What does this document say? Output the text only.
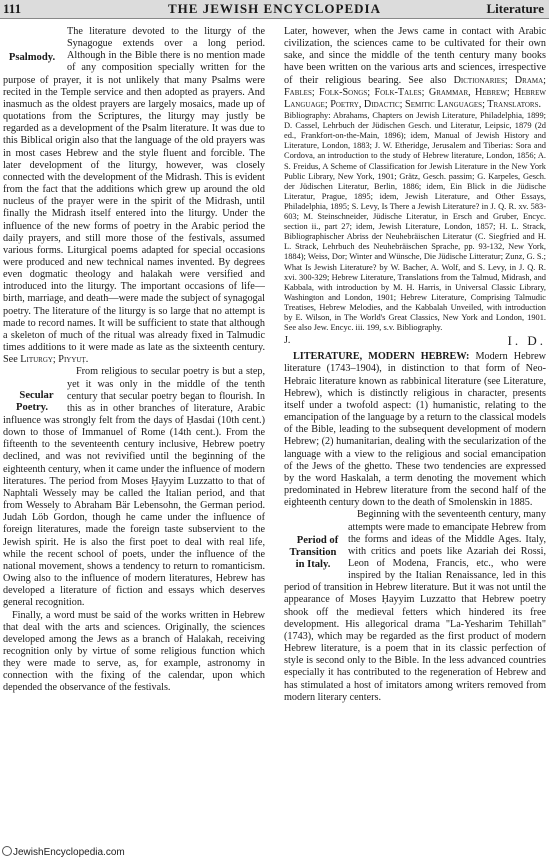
111	THE JEWISH ENCYCLOPEDIA	Literature

Psalmody.
The literature devoted to the liturgy of the Synagogue extends over a long period. Although in the Bible there is no mention made of any composition specially written for the purpose of prayer, it is not unlikely that many Psalms were recited in the Temple service and then adopted as prayers. And inasmuch as the oldest prayers are largely mosaics, made up of quotations from the Scriptures, the liturgy may justly be regarded as a development of the Psalm literature. It was due to this Biblical origin also that the language of the old prayers was in most cases Hebrew and the style fluent and forcible. The later development of the liturgy, however, was closely connected with the development of the Midrash. This is evident from the fact that the additions which grew up around the old nucleus of the prayer were in the spirit of the Midrash, until finally the Midrash itself entered into the liturgy. Under the influence of the new forms of poetry in the Arabic period the daily prayers, and still more those of the festivals, assumed various forms. Liturgical poems adapted for special occasions were produced and new technical names invented. By degrees even dogmatic theology and halakah were versified and introduced into the liturgy. The important occasions of life—birth, marriage, and death—were made the subject of synagogal poetry. The literature of the liturgy is so large that no attempt is made to record names. It will be sufficient to state that although a skeleton of much of the ritual was already fixed in Talmudic times additions to it were made as late as the sixteenth century. See Liturgy; Piyyuṭ.

Secular Poetry.
From religious to secular poetry is but a step, yet it was only in the middle of the tenth century that secular poetry began to flourish. In this as in other branches of literature, Arabic influence was strongly felt from the days of Ḥasdai (10th cent.) down to those of Immanuel of Rome (14th cent.). From the fifteenth to the seventeenth century inclusive, Hebrew poetry declined, and was not revivified until the beginning of the eighteenth century, when it came under the influence of modern literatures. The period from Moses Ḥayyim Luzzatto to that of Naphtali Wessely may be called the Italian period, and that from Wessely to Abraham Bär Lebensohn, the German period. Judah Löb Gordon, though he came under the influence of foreign literatures, made the foreign taste subservient to the Jewish spirit. He is also the first poet to deal with real life, while the recent school of poets, under the influence of the national movement, shows a tendency to return to romanticism. Owing also to the influence of modern literatures, Hebrew has developed a literature of fiction and essays which deserves general recognition.

Finally, a word must be said of the works written in Hebrew that deal with the arts and sciences. Originally, the sciences developed among the Jews as a branch of Halakah, receiving recognition only by virtue of some religious function which they were made to serve, as, for example, astronomy in connection with the fixing of the calendar, upon which depended the observance of the festivals.

Later, however, when the Jews came in contact with Arabic civilization, the sciences came to be cultivated for their own sake, and since the middle of the tenth century many books have been written on the various arts and sciences, irrespective of their religious bearing. See also Dictionaries; Drama; Fables; Folk-Songs; Folk-Tales; Grammar, Hebrew; Hebrew Language; Poetry, Didactic; Semitic Languages; Translators.

Bibliography: Abrahams, Chapters on Jewish Literature, Philadelphia, 1899; D. Cassel, Lehrbuch der Jüdischen Gesch. und Literatur, Leipsic, 1879 (2d ed., Frankfort-on-the-Main, 1896); idem, Manual of Jewish History and Literature, London, 1883; J. W. Etheridge, Jerusalem and Tiberias: Sora and Cordova, an introduction to the study of Hebrew literature, London, 1856; A. S. Freidus, A Scheme of Classification for Jewish Literature in the New York Public Library, New York, 1901; Grätz, Gesch. passim; G. Karpeles, Gesch. der Jüdischen Literatur, Berlin, 1886; idem, Ein Blick in die Jüdische Literatur, Prague, 1895; idem, Jewish Literature, and Other Essays, Philadelphia, 1895; S. Levy, Is There a Jewish Literature? in J. Q. R. xv. 583-603; M. Steinschneider, Jüdische Literatur, in Ersch and Gruber, Encyc. section ii., part 27; idem, Jewish Literature, London, 1857; H. L. Strack, Bibliographischer Abriss der Neuhebräischen Literatur (C. Siegfried and H. L. Strack, Lehrbuch des Neuhebräischen Sprache, pp. 93-132, New York, 1884); Weiss, Dor; Winter and Wünsche, Die Jüdische Litteratur; Zunz, G. S.; What Is Jewish Literature? by W. Bacher, A. Wolf, and S. Levy, in J. Q. R. xvi. 300-329; Hebrew Literature, Translations from the Talmud, Midrash, and Kabbala, with introduction by M. H. Harris, in Universal Classic Library, Washington and London, 1901; Hebrew Literature, Comprising Talmudic Treatises, Hebrew Melodies, and the Kabbalah Unveiled, with introduction by E. Wilson, in The World's Great Classics, New York and London, 1901. See also Jew. Encyc. iii. 199, s.v. Bibliography.

J.	I. D.

LITERATURE, MODERN HEBREW: Modern Hebrew literature (1743–1904), in distinction to that form of Neo-Hebraic literature known as rabbinical literature (see Literature, Hebrew), which is distinctly religious in character, presents itself under a twofold aspect: (1) humanistic, relating to the emancipation of the language by a return to the classical models of the Bible, leading to the subsequent development of modern Hebrew; (2) humanitarian, dealing with the secularization of the language with a view to the religious and social emancipation of the Jews of the ghetto. These two tendencies are expressed by the word Haskalah, a term denoting the movement which predominated in Hebrew literature from the second half of the eighteenth century down to the death of Smolenskin in 1885.

Period of Transition in Italy.
Beginning with the seventeenth century, many attempts were made to emancipate Hebrew from the forms and ideas of the Middle Ages. Italy, with critics and poets like Azariah dei Rossi, Leon of Modena, Francis, etc., who were inspired by the Italian Renaissance, led in this period of transition in Hebrew literature. But it was not until the appearance of Moses Ḥayyim Luzzatto that Hebrew poetry shook off the medieval fetters which hindered its free development. His allegorical drama "La-Yesharim Tehillah" (1743), which may be regarded as the first product of modern Hebrew literature, is a poem that in its classic perfection of style is second only to the Bible. In the less advanced countries especially it has contributed to the regeneration of Hebrew and has stimulated a host of imitators among writers removed from modern literary centers.

JewishEncyclopedia.com
